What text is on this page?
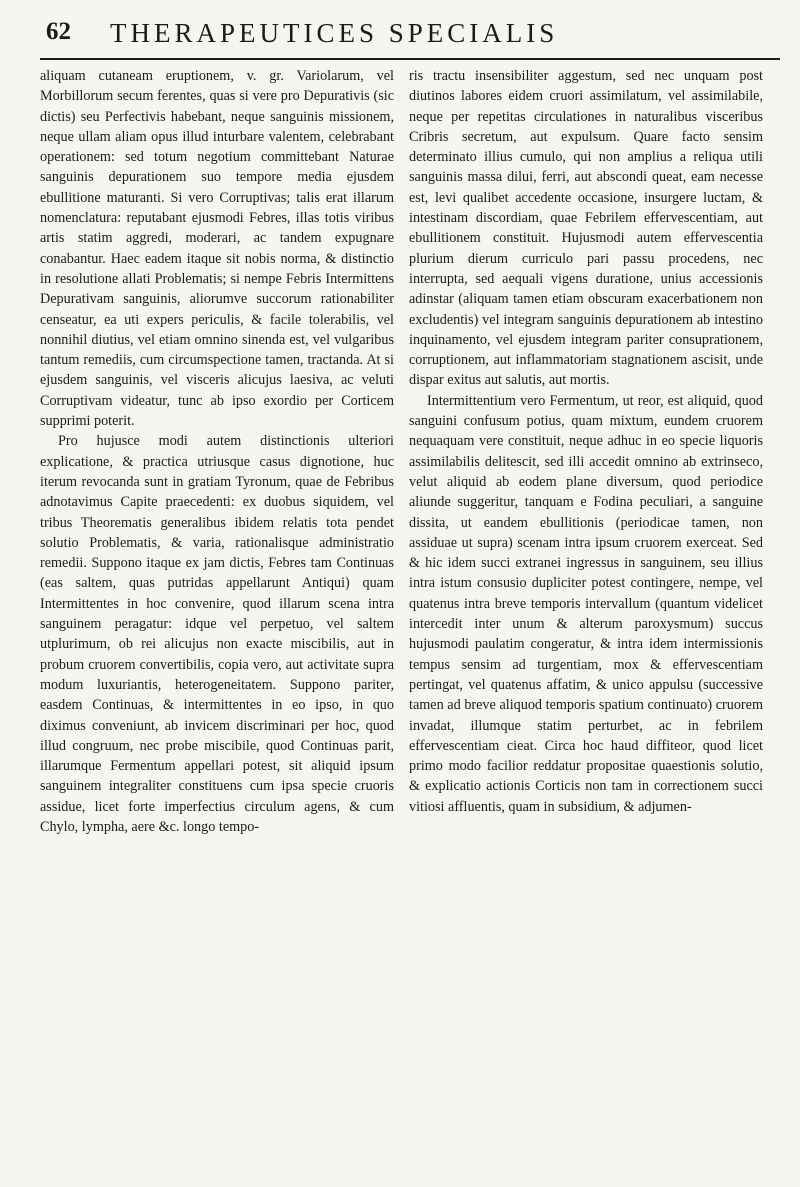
62 THERAPEUTICES SPECIALIS

aliquam cutaneam eruptionem, v. gr. Variolarum, vel Morbillorum secum ferentes, quas si vere pro Depurativis (sic dictis) seu Perfectivis habebant, neque sanguinis missionem, neque ullam aliam opus illud inturbare valentem, celebrabant operationem: sed totum negotium committebant Naturae sanguinis depurationem suo tempore media ejusdem ebullitione maturanti. Si vero Corruptivas; talis erat illarum nomenclatura: reputabant ejusmodi Febres, illas totis viribus artis statim aggredi, moderari, ac tandem expugnare conabantur. Haec eadem itaque sit nobis norma, & distinctio in resolutione allati Problematis; si nempe Febris Intermittens Depurativam sanguinis, aliorumve succorum rationabiliter censeatur, ea uti expers periculis, & facile tolerabilis, vel nonnihil diutius, vel etiam omnino sinenda est, vel vulgaribus tantum remediis, cum circumspectione tamen, tractanda. At si ejusdem sanguinis, vel visceris alicujus laesiva, ac veluti Corruptivam videatur, tunc ab ipso exordio per Corticem supprimi poterit.

Pro hujusce modi autem distinctionis ulteriori explicatione, & practica utriusque casus dignotione, huc iterum revocanda sunt in gratiam Tyronum, quae de Febribus adnotavimus Capite praecedenti: ex duobus siquidem, vel tribus Theorematis generalibus ibidem relatis tota pendet solutio Problematis, & varia, rationalisque administratio remedii. Suppono itaque ex jam dictis, Febres tam Continuas (eas saltem, quas putridas appellarunt Antiqui) quam Intermittentes in hoc convenire, quod illarum scena intra sanguinem peragatur: idque vel perpetuo, vel saltem utplurimum, ob rei alicujus non exacte miscibilis, aut in probum cruorem convertibilis, copia vero, aut activitate supra modum luxuriantis, heterogeneitatem. Suppono pariter, easdem Continuas, & intermittentes in eo ipso, in quo diximus conveniunt, ab invicem discriminari per hoc, quod illud congruum, nec probe miscibile, quod Continuas parit, illarumque Fermentum appellari potest, sit aliquid ipsum sanguinem integraliter constituens cum ipsa specie cruoris assidue, licet forte imperfectius circulum agens, & cum Chylo, lympha, aere &c. longo tempo-

ris tractu insensibiliter aggestum, sed nec unquam post diutinos labores eidem cruori assimilatum, vel assimilabile, neque per repetitas circulationes in naturalibus visceribus Cribris secretum, aut expulsum. Quare facto sensim determinato illius cumulo, qui non amplius a reliqua utili sanguinis massa dilui, ferri, aut abscondi queat, eam necesse est, levi qualibet accedente occasione, insurgere luctam, & intestinam discordiam, quae Febrilem effervescentiam, aut ebullitionem constituit. Hujusmodi autem effervescentia plurium dierum curriculo pari passu procedens, nec interrupta, sed aequali vigens duratione, unius accessionis adinstar (aliquam tamen etiam obscuram exacerbationem non excludentis) vel integram sanguinis depurationem ab intestino inquinamento, vel ejusdem integram pariter consuprationem, corruptionem, aut inflammatoriam stagnationem ascisit, unde dispar exitus aut salutis, aut mortis.

Intermittentium vero Fermentum, ut reor, est aliquid, quod sanguini confusum potius, quam mixtum, eundem cruorem nequaquam vere constituit, neque adhuc in eo specie liquoris assimilabilis delitescit, sed illi accedit omnino ab extrinseco, velut aliquid ab eodem plane diversum, quod periodice aliunde suggeritur, tanquam e Fodina peculiari, a sanguine dissita, ut eandem ebullitionis (periodicae tamen, non assiduae ut supra) scenam intra ipsum cruorem exerceat. Sed & hic idem succi extranei ingressus in sanguinem, seu illius intra istum consusio dupliciter potest contingere, nempe, vel quatenus intra breve temporis intervallum (quantum videlicet intercedit inter unum & alterum paroxysmum) succus hujusmodi paulatim congeratur, & intra idem intermissionis tempus sensim ad turgentiam, mox & effervescentiam pertingat, vel quatenus affatim, & unico appulsu (successive tamen ad breve aliquod temporis spatium continuato) cruorem invadat, illumque statim perturbet, ac in febrilem effervescentiam cieat. Circa hoc haud diffiteor, quod licet primo modo facilior reddatur propositae quaestionis solutio, & explicatio actionis Corticis non tam in correctionem succi vitiosi affluentis, quam in subsidium, & adjumen-
